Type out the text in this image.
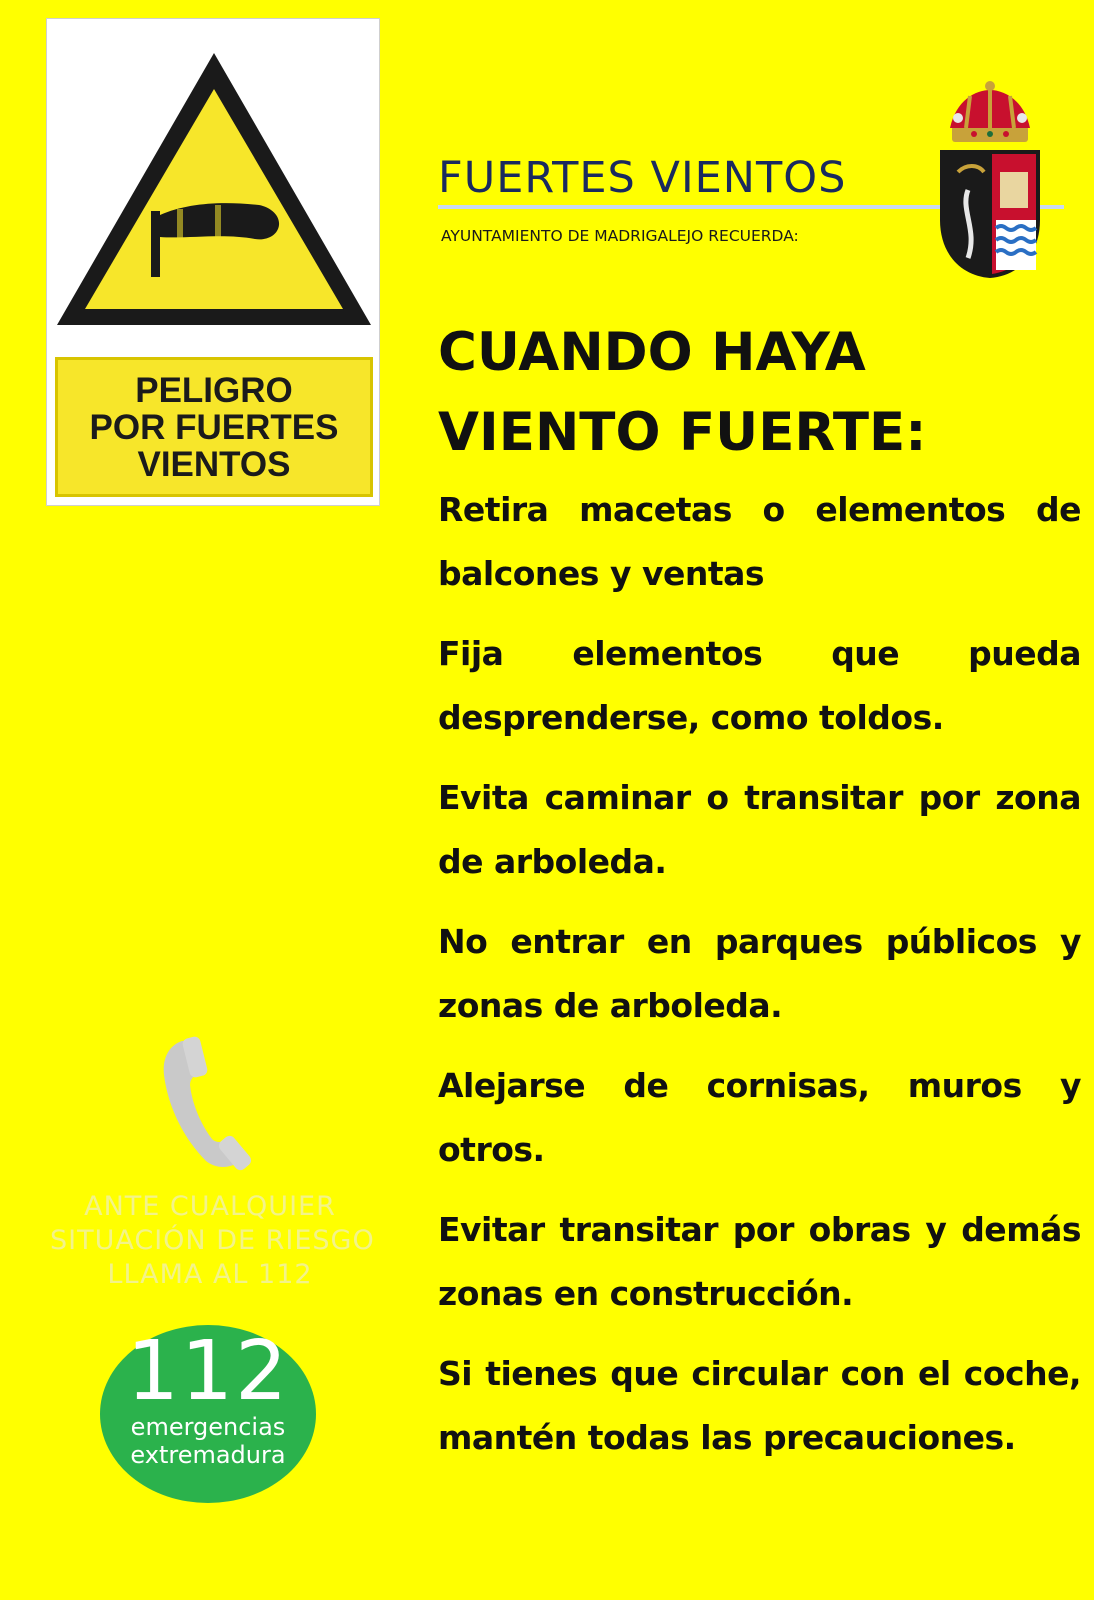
PELIGRO
POR FUERTES
VIENTOS
FUERTES VIENTOS
AYUNTAMIENTO DE MADRIGALEJO RECUERDA:
CUANDO HAYA
VIENTO FUERTE:
Retira macetas o elementos de balcones y ventas
Fija elementos que pueda desprenderse, como toldos.
Evita caminar o transitar por zona de arboleda.
No entrar en parques públicos y zonas de arboleda.
Alejarse de cornisas, muros y otros.
Evitar transitar por obras y demás zonas en construcción.
Si tienes que circular con el coche, mantén todas las precauciones.
ANTE CUALQUIER
SITUACIÓN DE RIESGO
LLAMA AL 112
112
emergencias
extremadura
